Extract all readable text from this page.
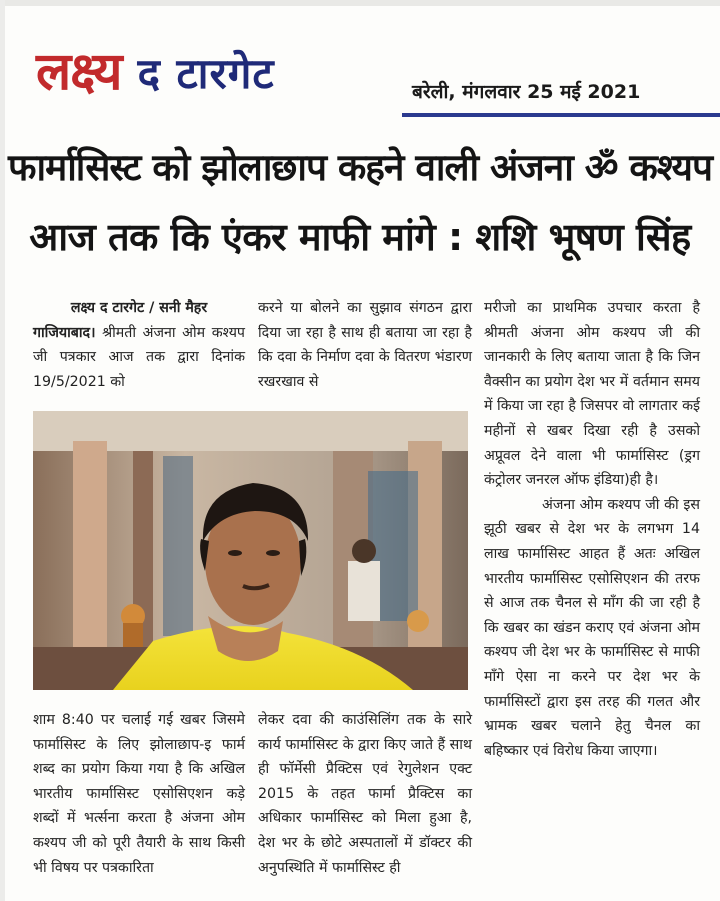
लक्ष्य द टारगेट	बरेली, मंगलवार 25 मई 2021
फार्मासिस्ट को झोलाछाप कहने वाली अंजना ॐ कश्यप
आज तक कि एंकर माफी मांगे : शशि भूषण सिंह

लक्ष्य द टारगेट / सनी मैहर

गाजियाबाद। श्रीमती अंजना ओम कश्यप जी पत्रकार आज तक द्वारा दिनांक 19/5/2021 को

करने या बोलने का सुझाव संगठन द्वारा दिया जा रहा है साथ ही बताया जा रहा है कि दवा के निर्माण दवा के वितरण भंडारण रखरखाव से

मरीजो का प्राथमिक उपचार करता है श्रीमती अंजना ओम कश्यप जी की जानकारी के लिए बताया जाता है कि जिन वैक्सीन का प्रयोग देश भर में वर्तमान समय में किया जा रहा है जिसपर वो लागतार कई महीनों से खबर दिखा रही है उसको अप्रूवल देने वाला भी फार्मासिस्ट (ड्रग कंट्रोलर जनरल ऑफ इंडिया)ही है।

अंजना ओम कश्यप जी की इस झूठी खबर से देश भर के लगभग 14 लाख फार्मासिस्ट आहत हैं अतः अखिल भारतीय फार्मासिस्ट एसोसिएशन की तरफ से आज तक चैनल से माँग की जा रही है कि खबर का खंडन कराए एवं अंजना ओम कश्यप जी देश भर के फार्मासिस्ट से माफी माँगे ऐसा ना करने पर देश भर के फार्मासिस्टों द्वारा इस तरह की गलत और भ्रामक खबर चलाने हेतु चैनल का बहिष्कार एवं विरोध किया जाएगा।

शाम 8:40 पर चलाई गई खबर जिसमे फार्मासिस्ट के लिए झोलाछाप-इ फार्म शब्द का प्रयोग किया गया है कि अखिल भारतीय फार्मासिस्ट एसोसिएशन कड़े शब्दों में भर्त्सना करता है अंजना ओम कश्यप जी को पूरी तैयारी के साथ किसी भी विषय पर पत्रकारिता

लेकर दवा की काउंसिलिंग तक के सारे कार्य फार्मासिस्ट के द्वारा किए जाते हैं साथ ही फॉर्मेसी प्रैक्टिस एवं रेगुलेशन एक्ट 2015 के तहत फार्मा प्रैक्टिस का अधिकार फार्मासिस्ट को मिला हुआ है, देश भर के छोटे अस्पतालों में डॉक्टर की अनुपस्थिति में फार्मासिस्ट ही
